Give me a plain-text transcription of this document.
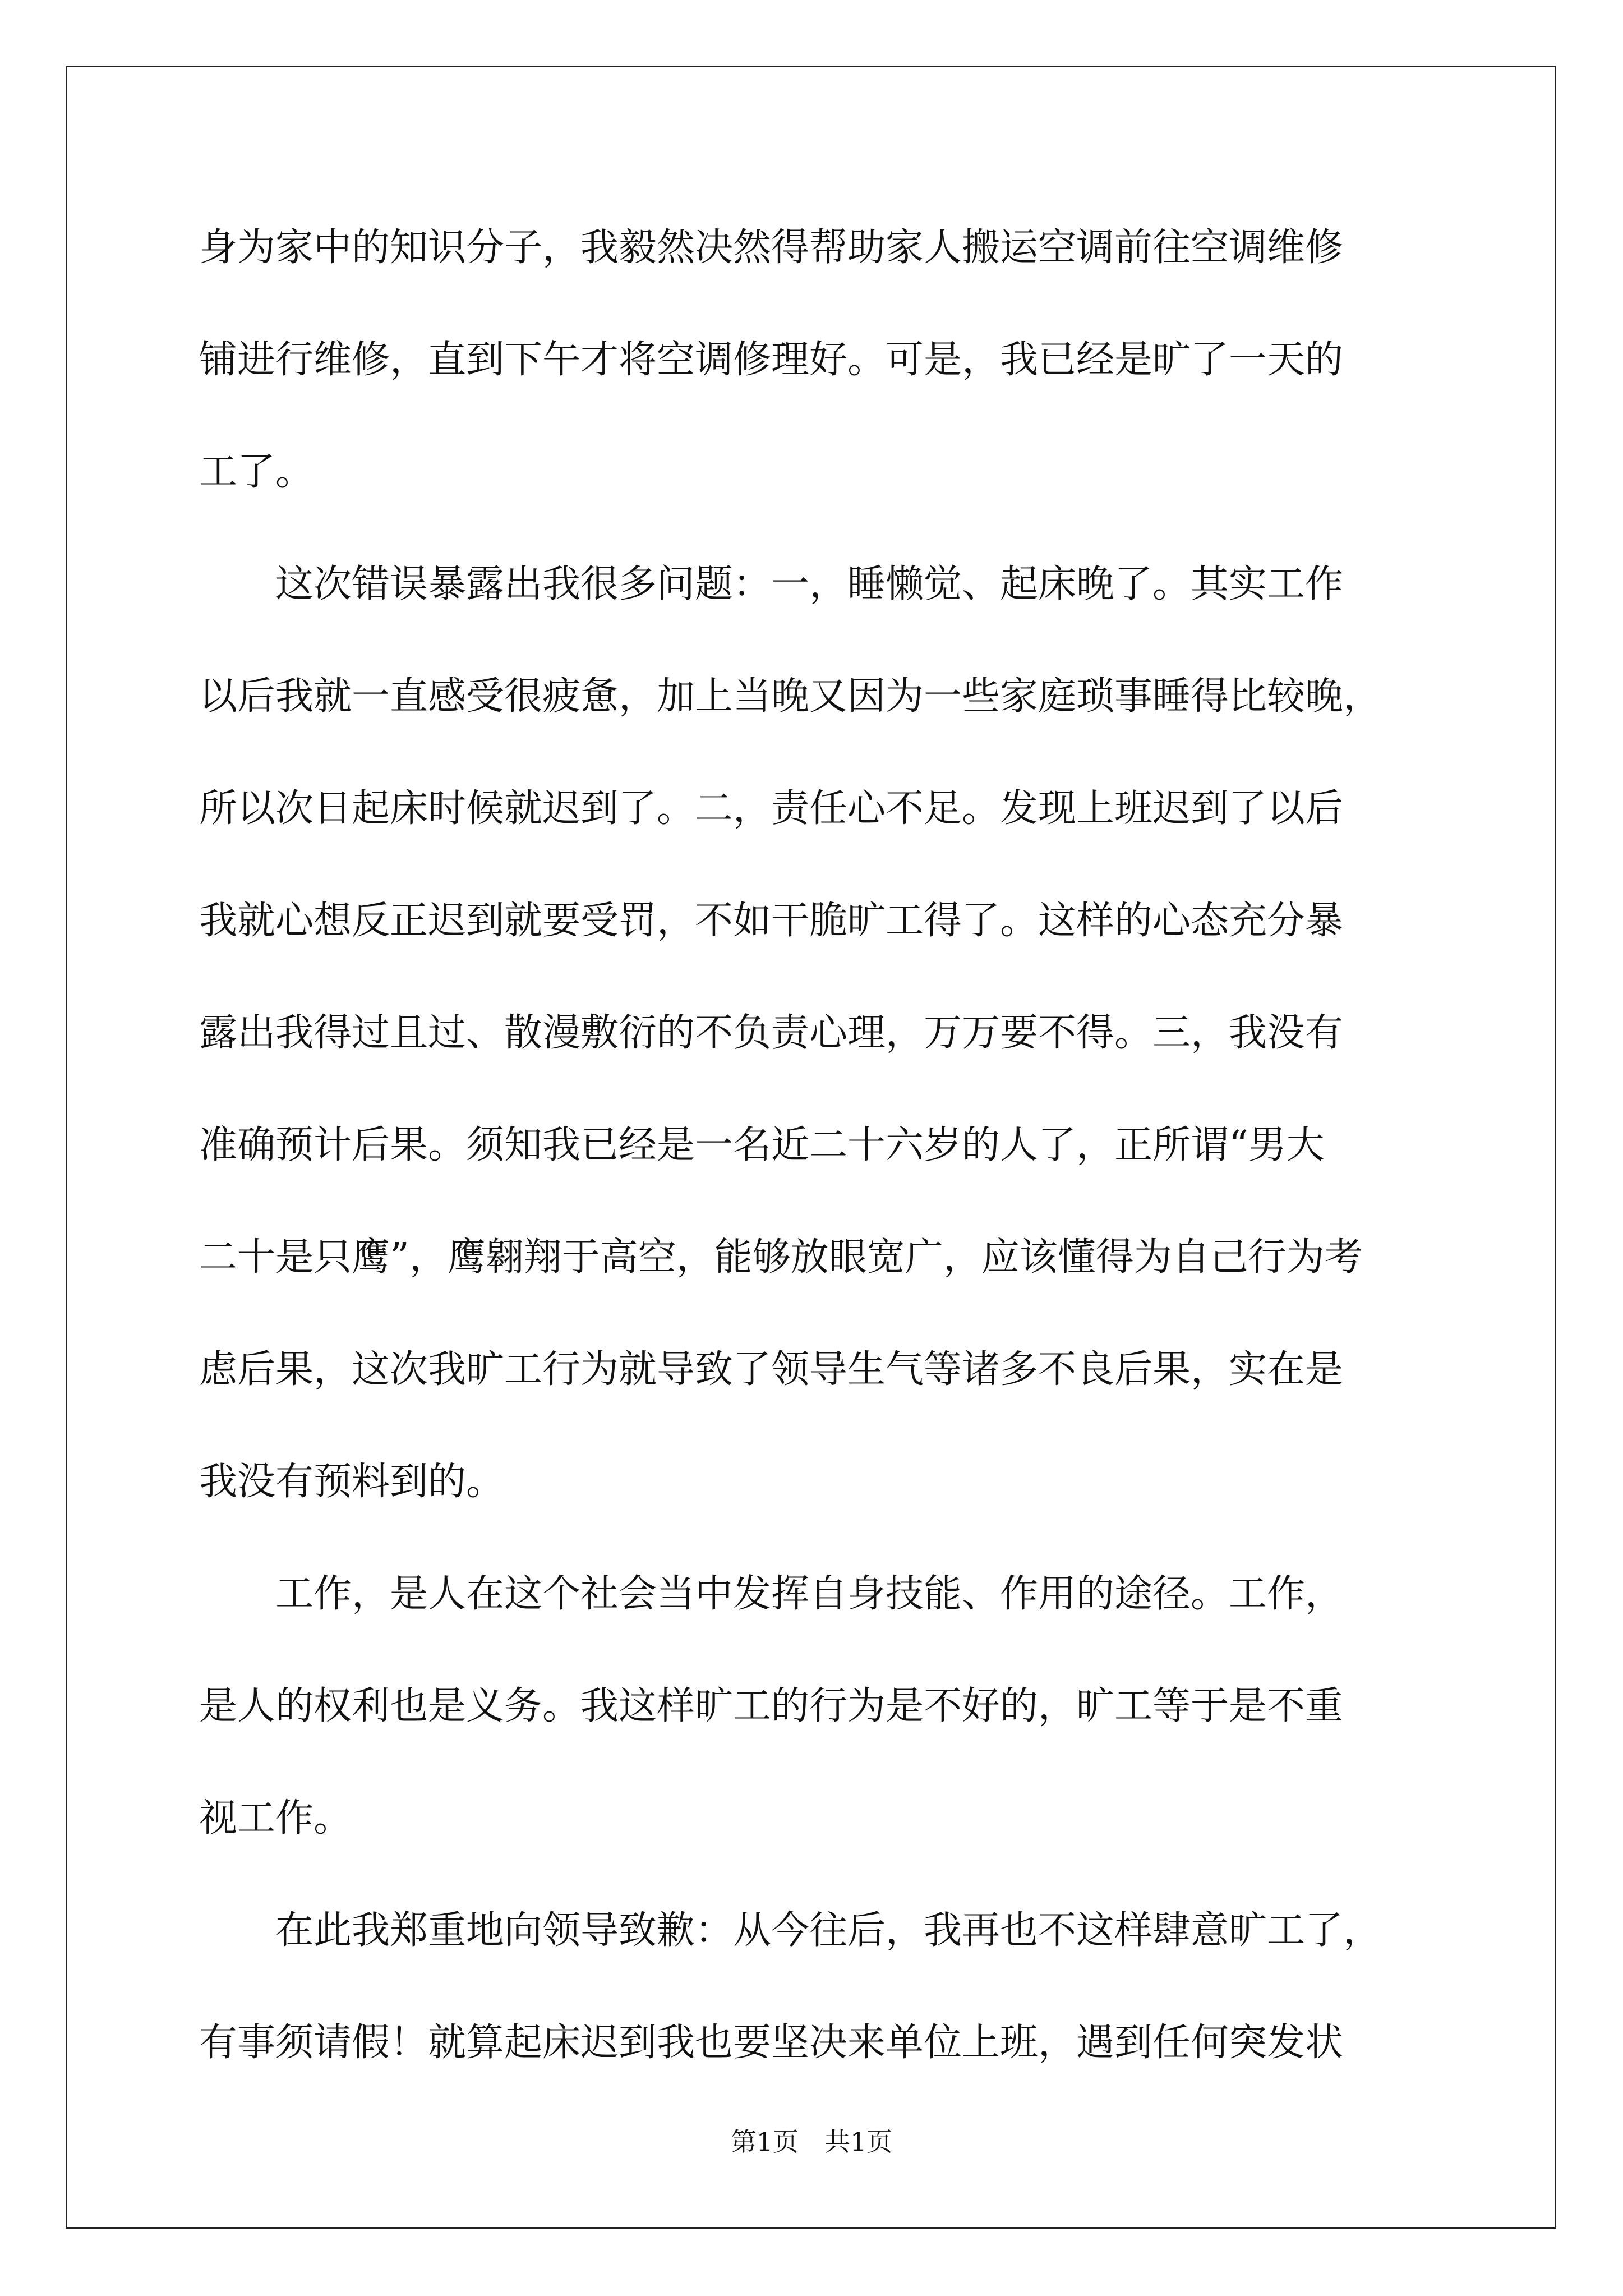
身为家中的知识分子，我毅然决然得帮助家人搬运空调前往空调维修
铺进行维修，直到下午才将空调修理好。可是，我已经是旷了一天的
工了。
　　这次错误暴露出我很多问题：一，睡懒觉、起床晚了。其实工作
以后我就一直感受很疲惫，加上当晚又因为一些家庭琐事睡得比较晚，
所以次日起床时候就迟到了。二，责任心不足。发现上班迟到了以后
我就心想反正迟到就要受罚，不如干脆旷工得了。这样的心态充分暴
露出我得过且过、散漫敷衍的不负责心理，万万要不得。三，我没有
准确预计后果。须知我已经是一名近二十六岁的人了，正所谓“男大
二十是只鹰”，鹰翱翔于高空，能够放眼宽广，应该懂得为自己行为考
虑后果，这次我旷工行为就导致了领导生气等诸多不良后果，实在是
我没有预料到的。
　　工作，是人在这个社会当中发挥自身技能、作用的途径。工作，
是人的权利也是义务。我这样旷工的行为是不好的，旷工等于是不重
视工作。
　　在此我郑重地向领导致歉：从今往后，我再也不这样肆意旷工了，
有事须请假！就算起床迟到我也要坚决来单位上班，遇到任何突发状
第1页　共1页
